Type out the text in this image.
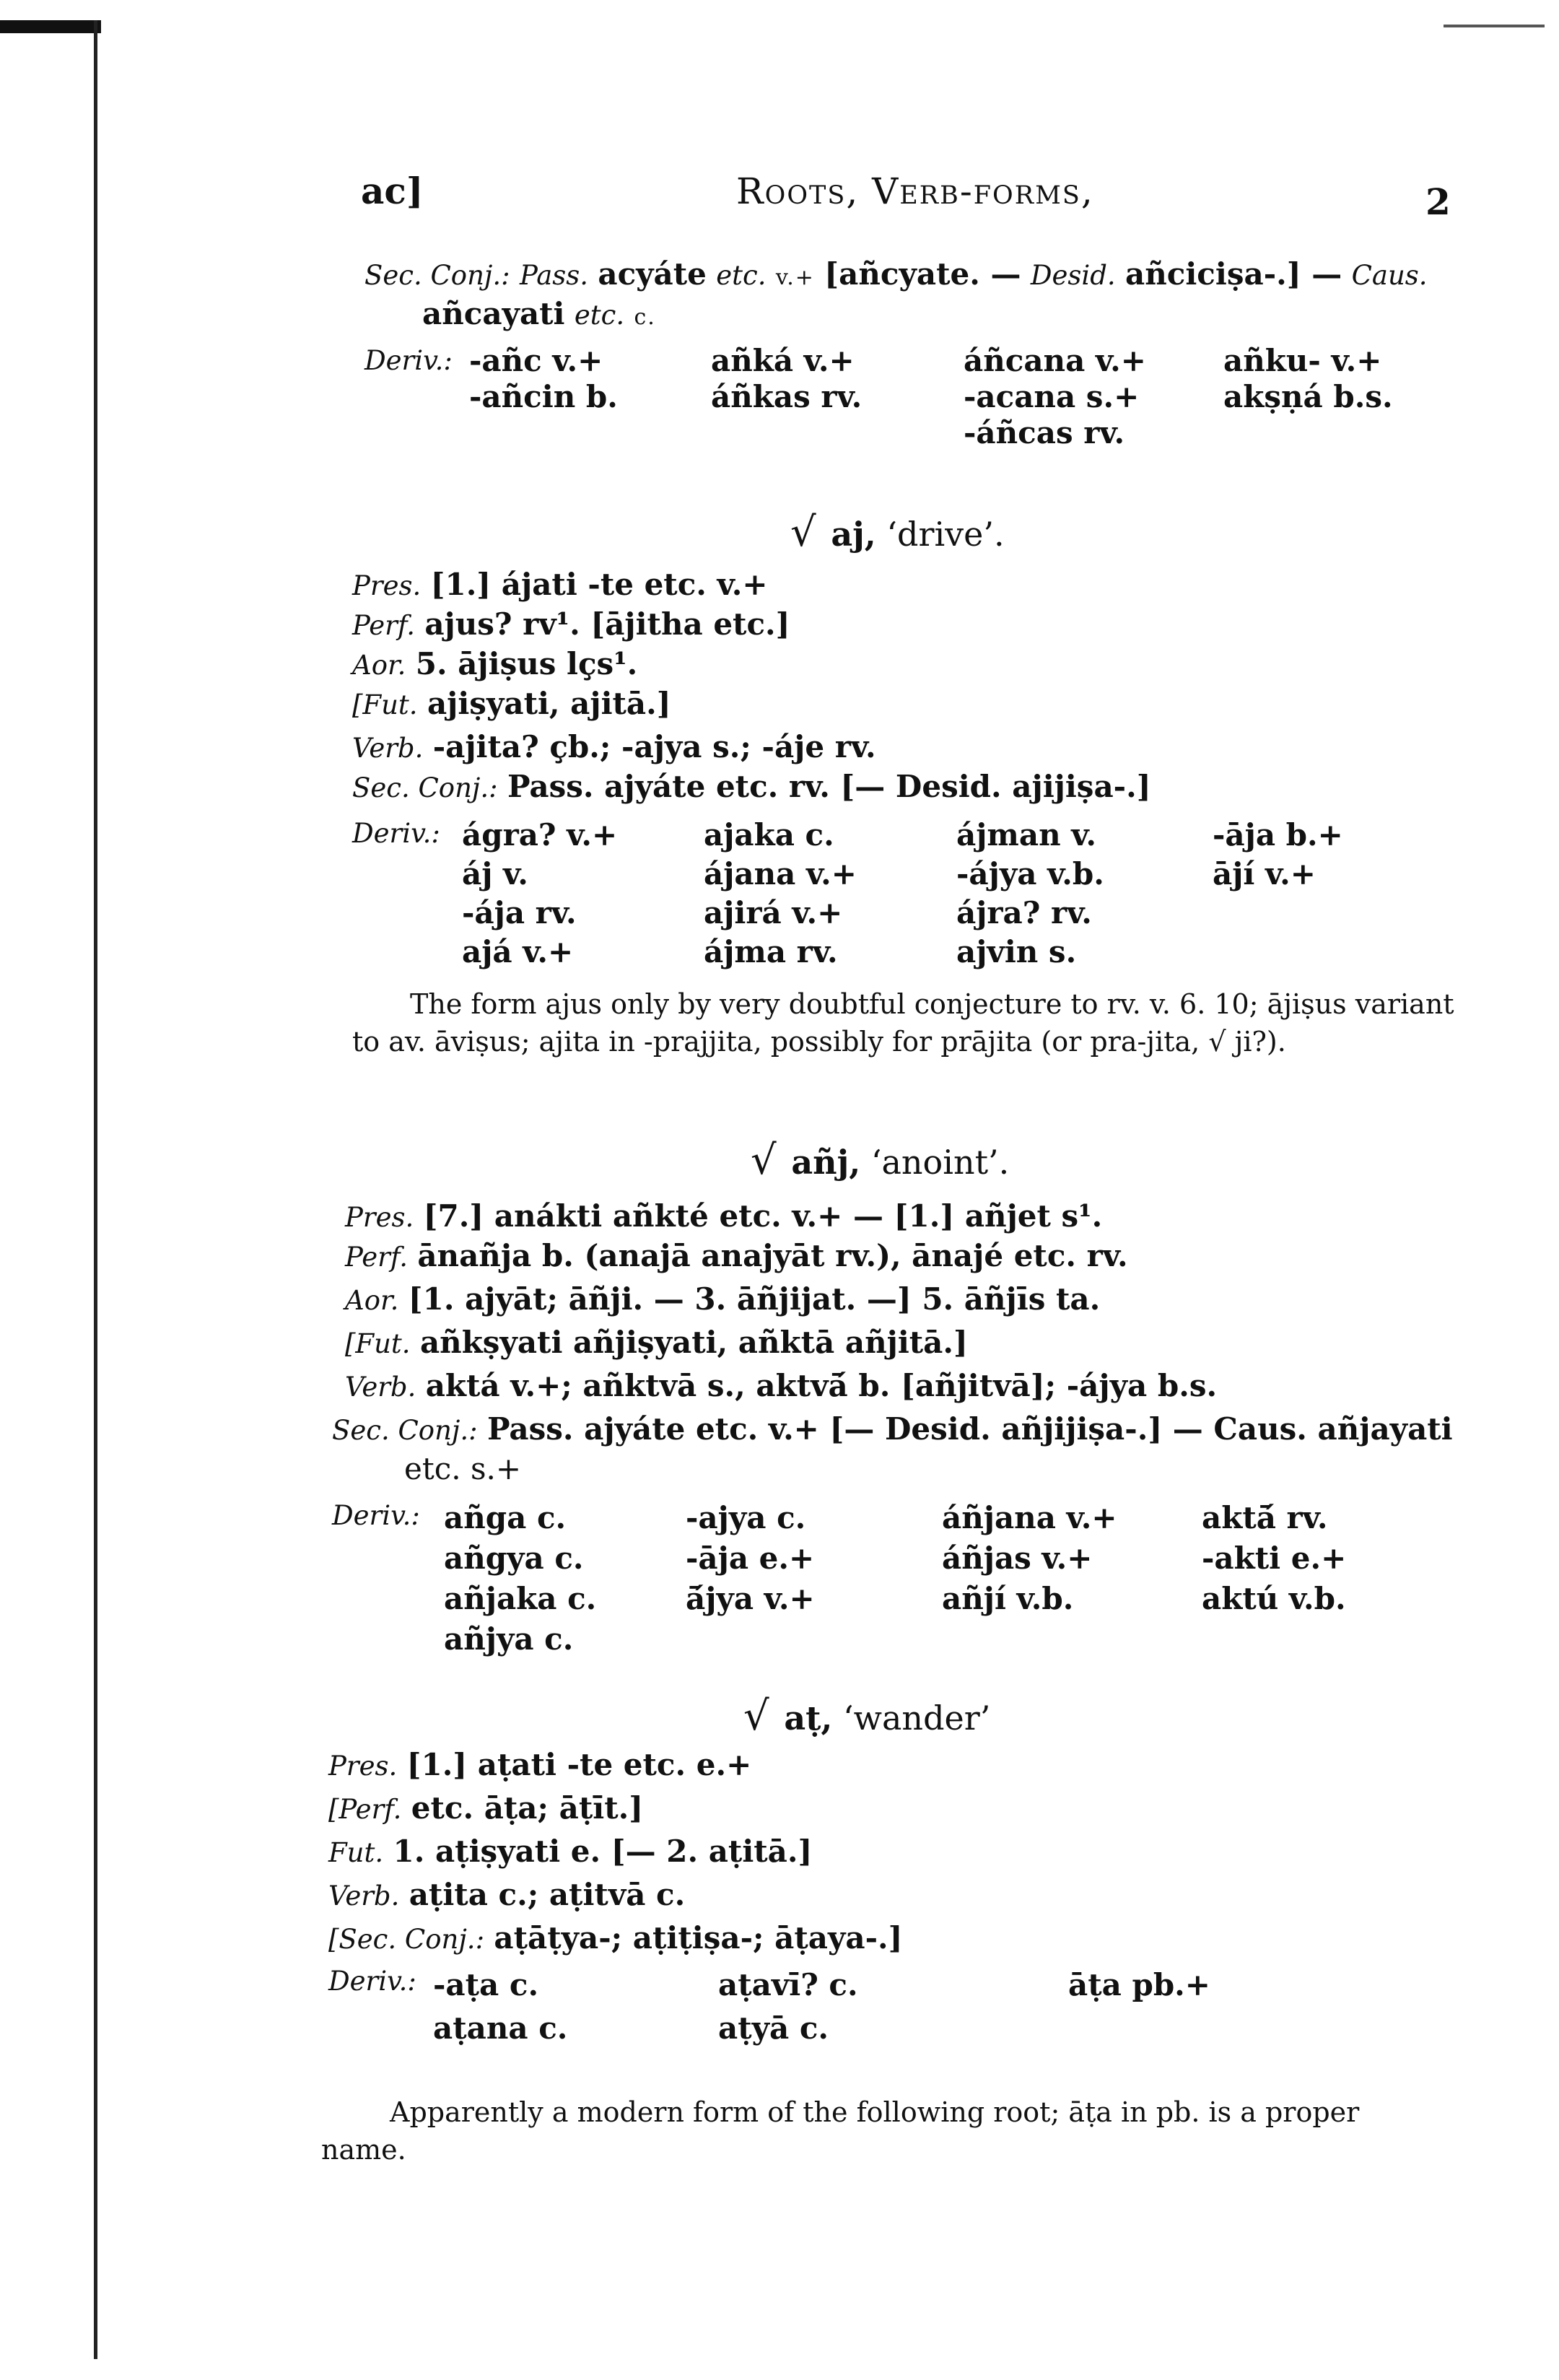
ac]	Roots, Verb-forms,	2
Sec. Conj.: Pass. acyáte etc. v.+ [añcyate. — Desid. añciciṣa-.] — Caus.
añcayati etc. c.
Deriv.: -añc v.+
-añcin b.
añká v.+
áñkas rv.
áñcana v.+
-acana s.+
-áñcas rv.
añku- v.+
akṣṇá b.s.
√ aj, ‘drive’.
Pres. [1.] ájati -te etc. v.+
Perf. ajus? rv¹. [ājitha etc.]
Aor. 5. ājiṣus lçs¹.
[Fut. ajiṣyati, ajitā.]
Verb. -ajita? çb.; -ajya s.; -áje rv.
Sec. Conj.: Pass. ajyáte etc. rv. [— Desid. ajijiṣa-.]
Deriv.: ágra? v.+
áj v.
-ája rv.
ajá v.+
ajaka c.
ájana v.+
ajirá v.+
ájma rv.
ájman v.
-ájya v.b.
ájra? rv.
ajvin s.
-āja b.+
ājí v.+
The form ajus only by very doubtful conjecture to rv. v. 6. 10; ājiṣus variant to av. āviṣus; ajita in -prajjita, possibly for prājita (or pra-jita, √ ji?).
√ añj, ‘anoint’.
Pres. [7.] anákti añkté etc. v.+ — [1.] añjet s¹.
Perf. ānañja b. (anajā anajyāt rv.), ānajé etc. rv.
Aor. [1. ajyāt; āñji. — 3. āñjijat. —] 5. āñjīs ta.
[Fut. añkṣyati añjiṣyati, añktā añjitā.]
Verb. aktá v.+; añktvā s., aktvā́ b. [añjitvā]; -ájya b.s.
Sec. Conj.: Pass. ajyáte etc. v.+ [— Desid. añjijiṣa-.] — Caus. añjayati
etc. s.+
Deriv.: añga c.
añgya c.
añjaka c.
añjya c.
-ajya c.
-āja e.+
ā́jya v.+
áñjana v.+
áñjas v.+
añjí v.b.
aktā́ rv.
-akti e.+
aktú v.b.
√ aṭ, ‘wander’
Pres. [1.] aṭati -te etc. e.+
[Perf. etc. āṭa; āṭīt.]
Fut. 1. aṭiṣyati e. [— 2. aṭitā.]
Verb. aṭita c.; aṭitvā c.
[Sec. Conj.: aṭāṭya-; aṭiṭiṣa-; āṭaya-.]
Deriv.: -aṭa c.
aṭana c.
aṭavī? c.
aṭyā c.
āṭa pb.+
Apparently a modern form of the following root; āṭa in pb. is a proper name.
